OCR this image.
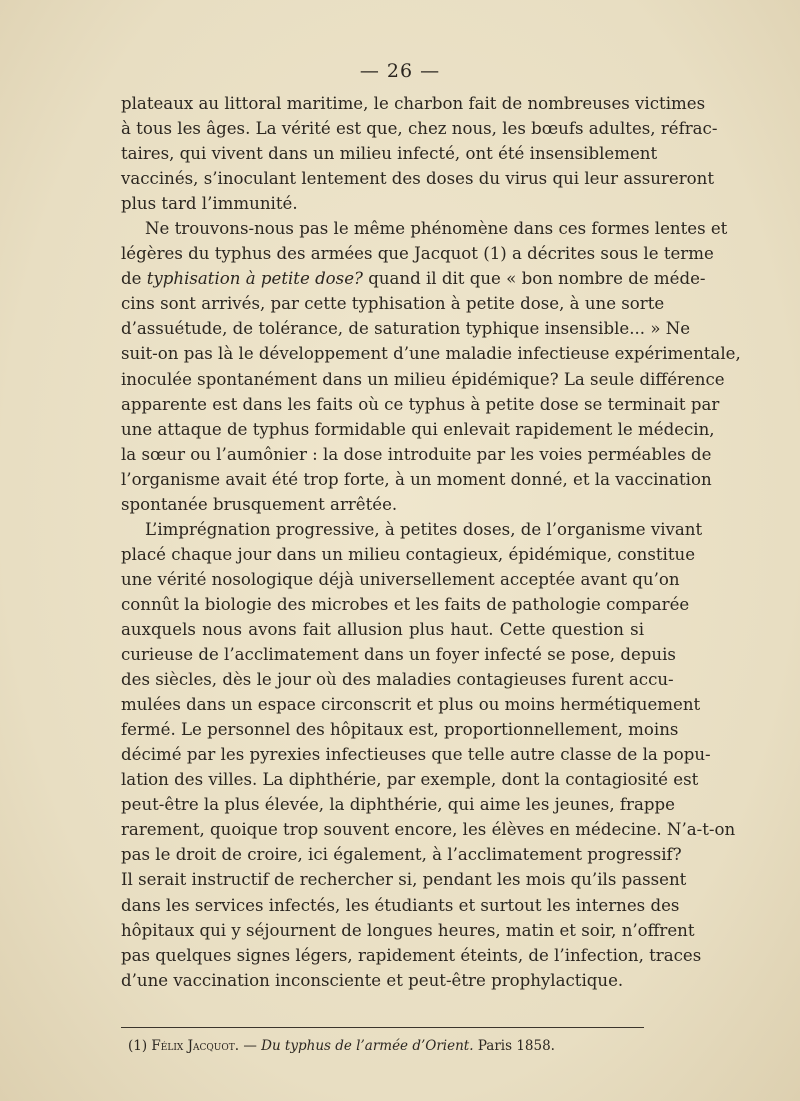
— 26 —

plateaux au littoral maritime, le charbon fait de nombreuses victimes
à tous les âges. La vérité est que, chez nous, les bœufs adultes, réfrac-
taires, qui vivent dans un milieu infecté, ont été insensiblement
vaccinés, s’inoculant lentement des doses du virus qui leur assureront
plus tard l’immunité.

Ne trouvons-nous pas le même phénomène dans ces formes lentes et
légères du typhus des armées que Jacquot (1) a décrites sous le terme
de typhisation à petite dose? quand il dit que « bon nombre de méde-
cins sont arrivés, par cette typhisation à petite dose, à une sorte
d’assuétude, de tolérance, de saturation typhique insensible... » Ne
suit-on pas là le développement d’une maladie infectieuse expérimentale,
inoculée spontanément dans un milieu épidémique? La seule différence
apparente est dans les faits où ce typhus à petite dose se terminait par
une attaque de typhus formidable qui enlevait rapidement le médecin,
la sœur ou l’aumônier : la dose introduite par les voies perméables de
l’organisme avait été trop forte, à un moment donné, et la vaccination
spontanée brusquement arrêtée.

L’imprégnation progressive, à petites doses, de l’organisme vivant
placé chaque jour dans un milieu contagieux, épidémique, constitue
une vérité nosologique déjà universellement acceptée avant qu’on
connût la biologie des microbes et les faits de pathologie comparée
auxquels nous avons fait allusion plus haut. Cette question si
curieuse de l’acclimatement dans un foyer infecté se pose, depuis
des siècles, dès le jour où des maladies contagieuses furent accu-
mulées dans un espace circonscrit et plus ou moins hermétiquement
fermé. Le personnel des hôpitaux est, proportionnellement, moins
décimé par les pyrexies infectieuses que telle autre classe de la popu-
lation des villes. La diphthérie, par exemple, dont la contagiosité est
peut-être la plus élevée, la diphthérie, qui aime les jeunes, frappe
rarement, quoique trop souvent encore, les élèves en médecine. N’a-t-on
pas le droit de croire, ici également, à l’acclimatement progressif?
Il serait instructif de rechercher si, pendant les mois qu’ils passent
dans les services infectés, les étudiants et surtout les internes des
hôpitaux qui y séjournent de longues heures, matin et soir, n’offrent
pas quelques signes légers, rapidement éteints, de l’infection, traces
d’une vaccination inconsciente et peut-être prophylactique.

(1) Félix Jacquot. — Du typhus de l’armée d’Orient. Paris 1858.
